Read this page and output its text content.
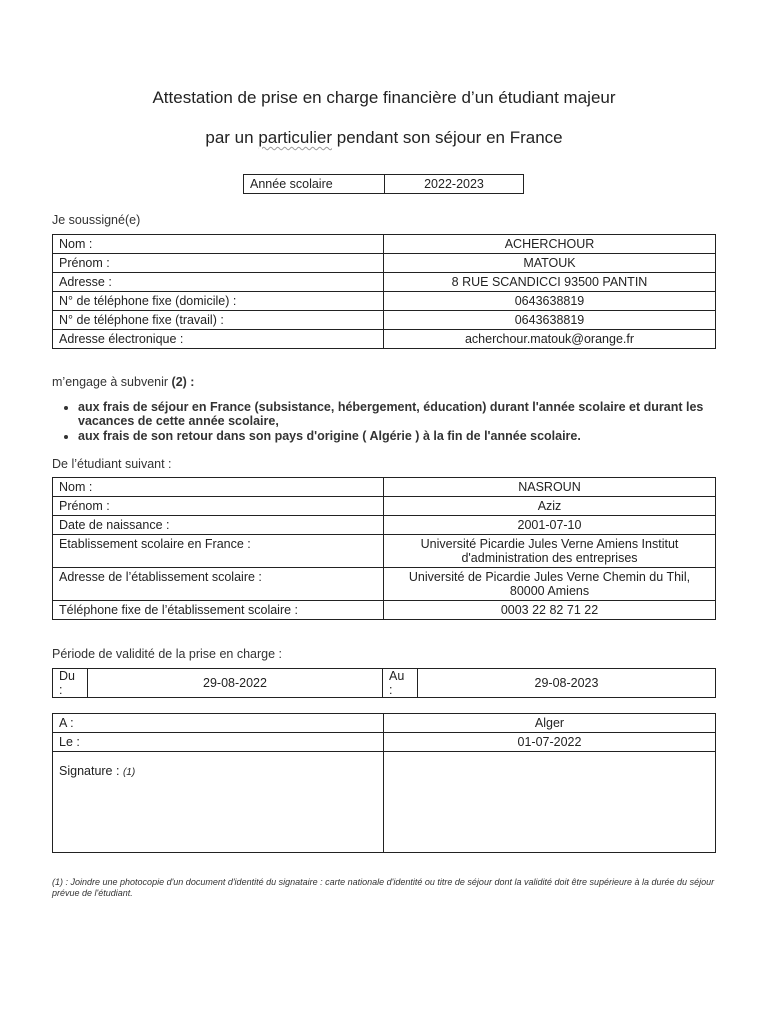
Attestation de prise en charge financière d’un étudiant majeur
par un particulier pendant son séjour en France
Année scolaire	2022-2023
Je soussigné(e)
Nom :	ACHERCHOUR
Prénom :	MATOUK
Adresse :	8 RUE SCANDICCI 93500 PANTIN
N° de téléphone fixe (domicile) :	0643638819
N° de téléphone fixe (travail) :	0643638819
Adresse électronique :	acherchour.matouk@orange.fr
m’engage à subvenir (2) :
• aux frais de séjour en France (subsistance, hébergement, éducation) durant l'année scolaire et durant les vacances de cette année scolaire,
• aux frais de son retour dans son pays d'origine ( Algérie ) à la fin de l'année scolaire.
De l’étudiant suivant :
Nom :	NASROUN
Prénom :	Aziz
Date de naissance :	2001-07-10
Etablissement scolaire en France :	Université Picardie Jules Verne Amiens Institut d'administration des entreprises
Adresse de l’établissement scolaire :	Université de Picardie Jules Verne Chemin du Thil, 80000 Amiens
Téléphone fixe de l’établissement scolaire :	0003 22 82 71 22
Période de validité de la prise en charge :
Du :	29-08-2022	Au :	29-08-2023
A :	Alger
Le :	01-07-2022
Signature : (1)	
(1) : Joindre une photocopie d'un document d'identité du signataire : carte nationale d'identité ou titre de séjour dont la validité doit être supérieure à la durée du séjour prévue de l'étudiant.
